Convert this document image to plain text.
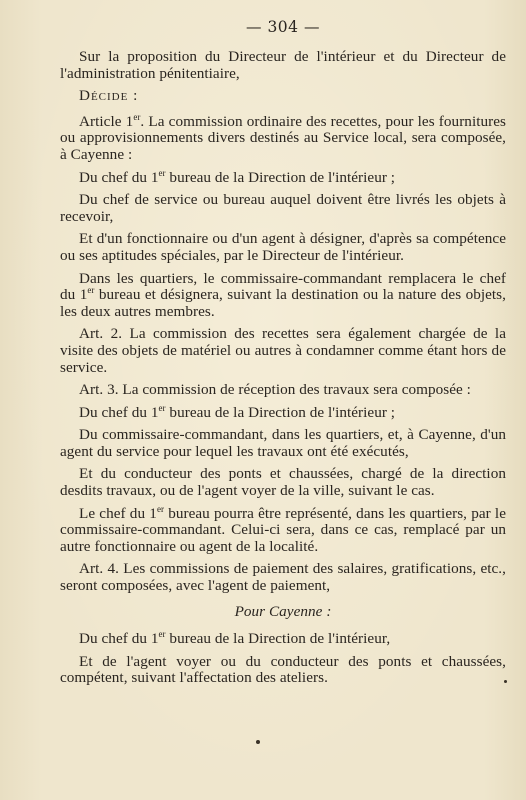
— 304 —

Sur la proposition du Directeur de l'intérieur et du Directeur de l'administration pénitentiaire,

Décide :

Article 1er. La commission ordinaire des recettes, pour les fournitures ou approvisionnements divers destinés au Service local, sera composée, à Cayenne :

Du chef du 1er bureau de la Direction de l'intérieur ;

Du chef de service ou bureau auquel doivent être livrés les objets à recevoir,

Et d'un fonctionnaire ou d'un agent à désigner, d'après sa compétence ou ses aptitudes spéciales, par le Directeur de l'intérieur.

Dans les quartiers, le commissaire-commandant remplacera le chef du 1er bureau et désignera, suivant la destination ou la nature des objets, les deux autres membres.

Art. 2. La commission des recettes sera également chargée de la visite des objets de matériel ou autres à condamner comme étant hors de service.

Art. 3. La commission de réception des travaux sera composée :

Du chef du 1er bureau de la Direction de l'intérieur ;

Du commissaire-commandant, dans les quartiers, et, à Cayenne, d'un agent du service pour lequel les travaux ont été exécutés,

Et du conducteur des ponts et chaussées, chargé de la direction desdits travaux, ou de l'agent voyer de la ville, suivant le cas.

Le chef du 1er bureau pourra être représenté, dans les quartiers, par le commissaire-commandant. Celui-ci sera, dans ce cas, remplacé par un autre fonctionnaire ou agent de la localité.

Art. 4. Les commissions de paiement des salaires, gratifications, etc., seront composées, avec l'agent de paiement,

Pour Cayenne :

Du chef du 1er bureau de la Direction de l'intérieur,

Et de l'agent voyer ou du conducteur des ponts et chaussées, compétent, suivant l'affectation des ateliers.
